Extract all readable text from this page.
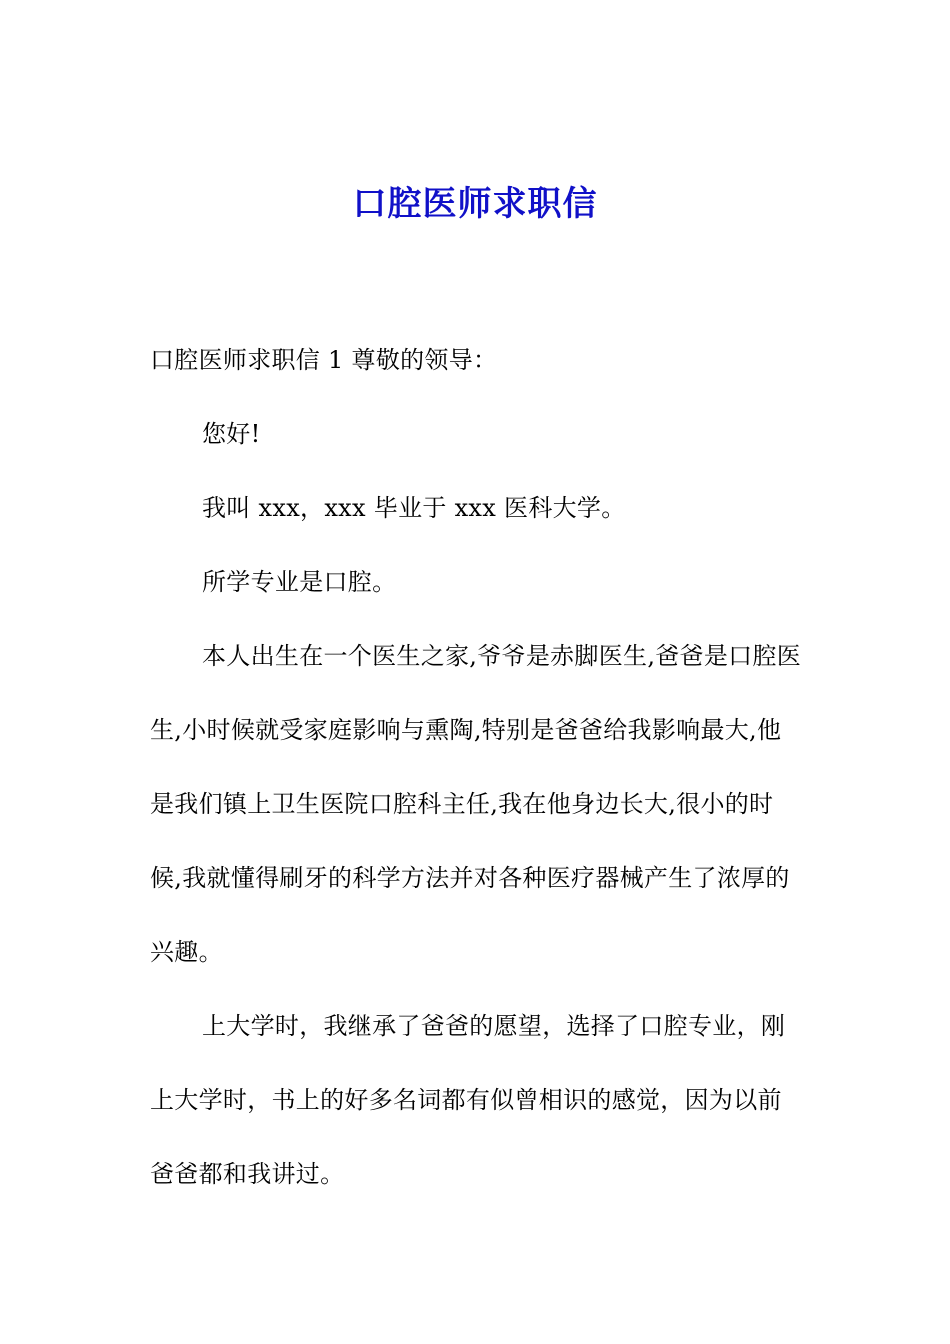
口腔医师求职信

口腔医师求职信 1 尊敬的领导：

您好!

我叫 xxx，xxx 毕业于 xxx 医科大学。

所学专业是口腔。

本人出生在一个医生之家,爷爷是赤脚医生,爸爸是口腔医生,小时候就受家庭影响与熏陶,特别是爸爸给我影响最大,他是我们镇上卫生医院口腔科主任,我在他身边长大,很小的时候,我就懂得刷牙的科学方法并对各种医疗器械产生了浓厚的兴趣。

上大学时，我继承了爸爸的愿望，选择了口腔专业，刚上大学时，书上的好多名词都有似曾相识的感觉，因为以前爸爸都和我讲过。
